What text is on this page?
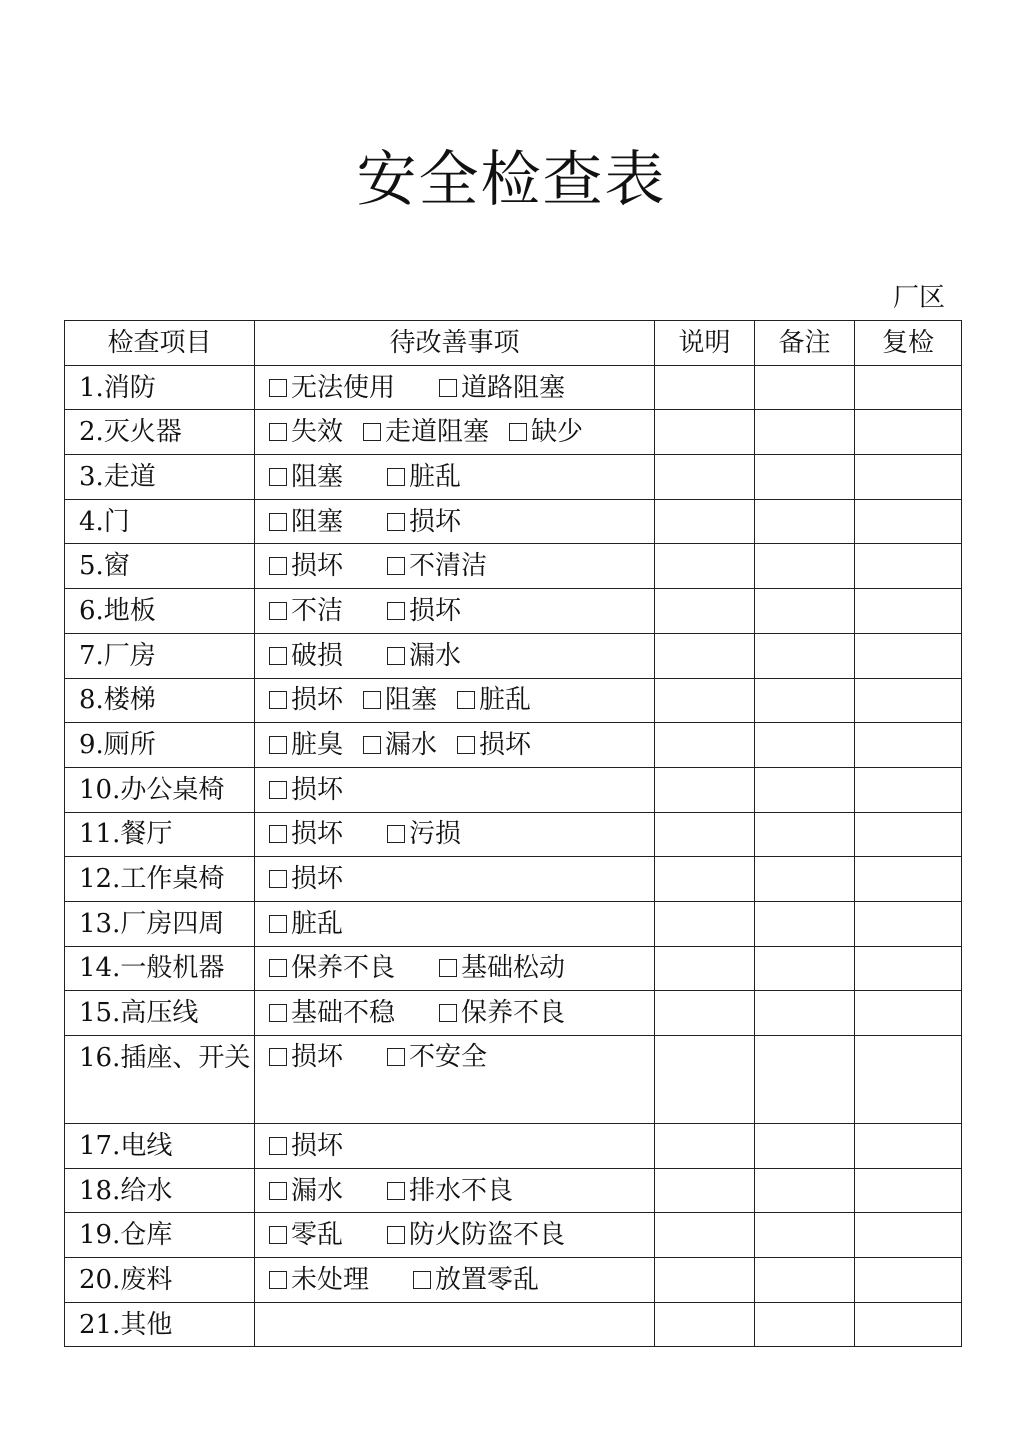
安全检查表
厂区
检查项目	待改善事项	说明	备注	复检
1.消防	无法使用 道路阻塞			
2.灭火器	失效 走道阻塞 缺少			
3.走道	阻塞 脏乱			
4.门	阻塞 损坏			
5.窗	损坏 不清洁			
6.地板	不洁 损坏			
7.厂房	破损 漏水			
8.楼梯	损坏 阻塞 脏乱			
9.厕所	脏臭 漏水 损坏			
10.办公桌椅	损坏			
11.餐厅	损坏 污损			
12.工作桌椅	损坏			
13.厂房四周	脏乱			
14.一般机器	保养不良 基础松动			
15.高压线	基础不稳 保养不良			
16.插座、开关	损坏 不安全			
17.电线	损坏			
18.给水	漏水 排水不良			
19.仓库	零乱 防火防盗不良			
20.废料	未处理 放置零乱			
21.其他				
